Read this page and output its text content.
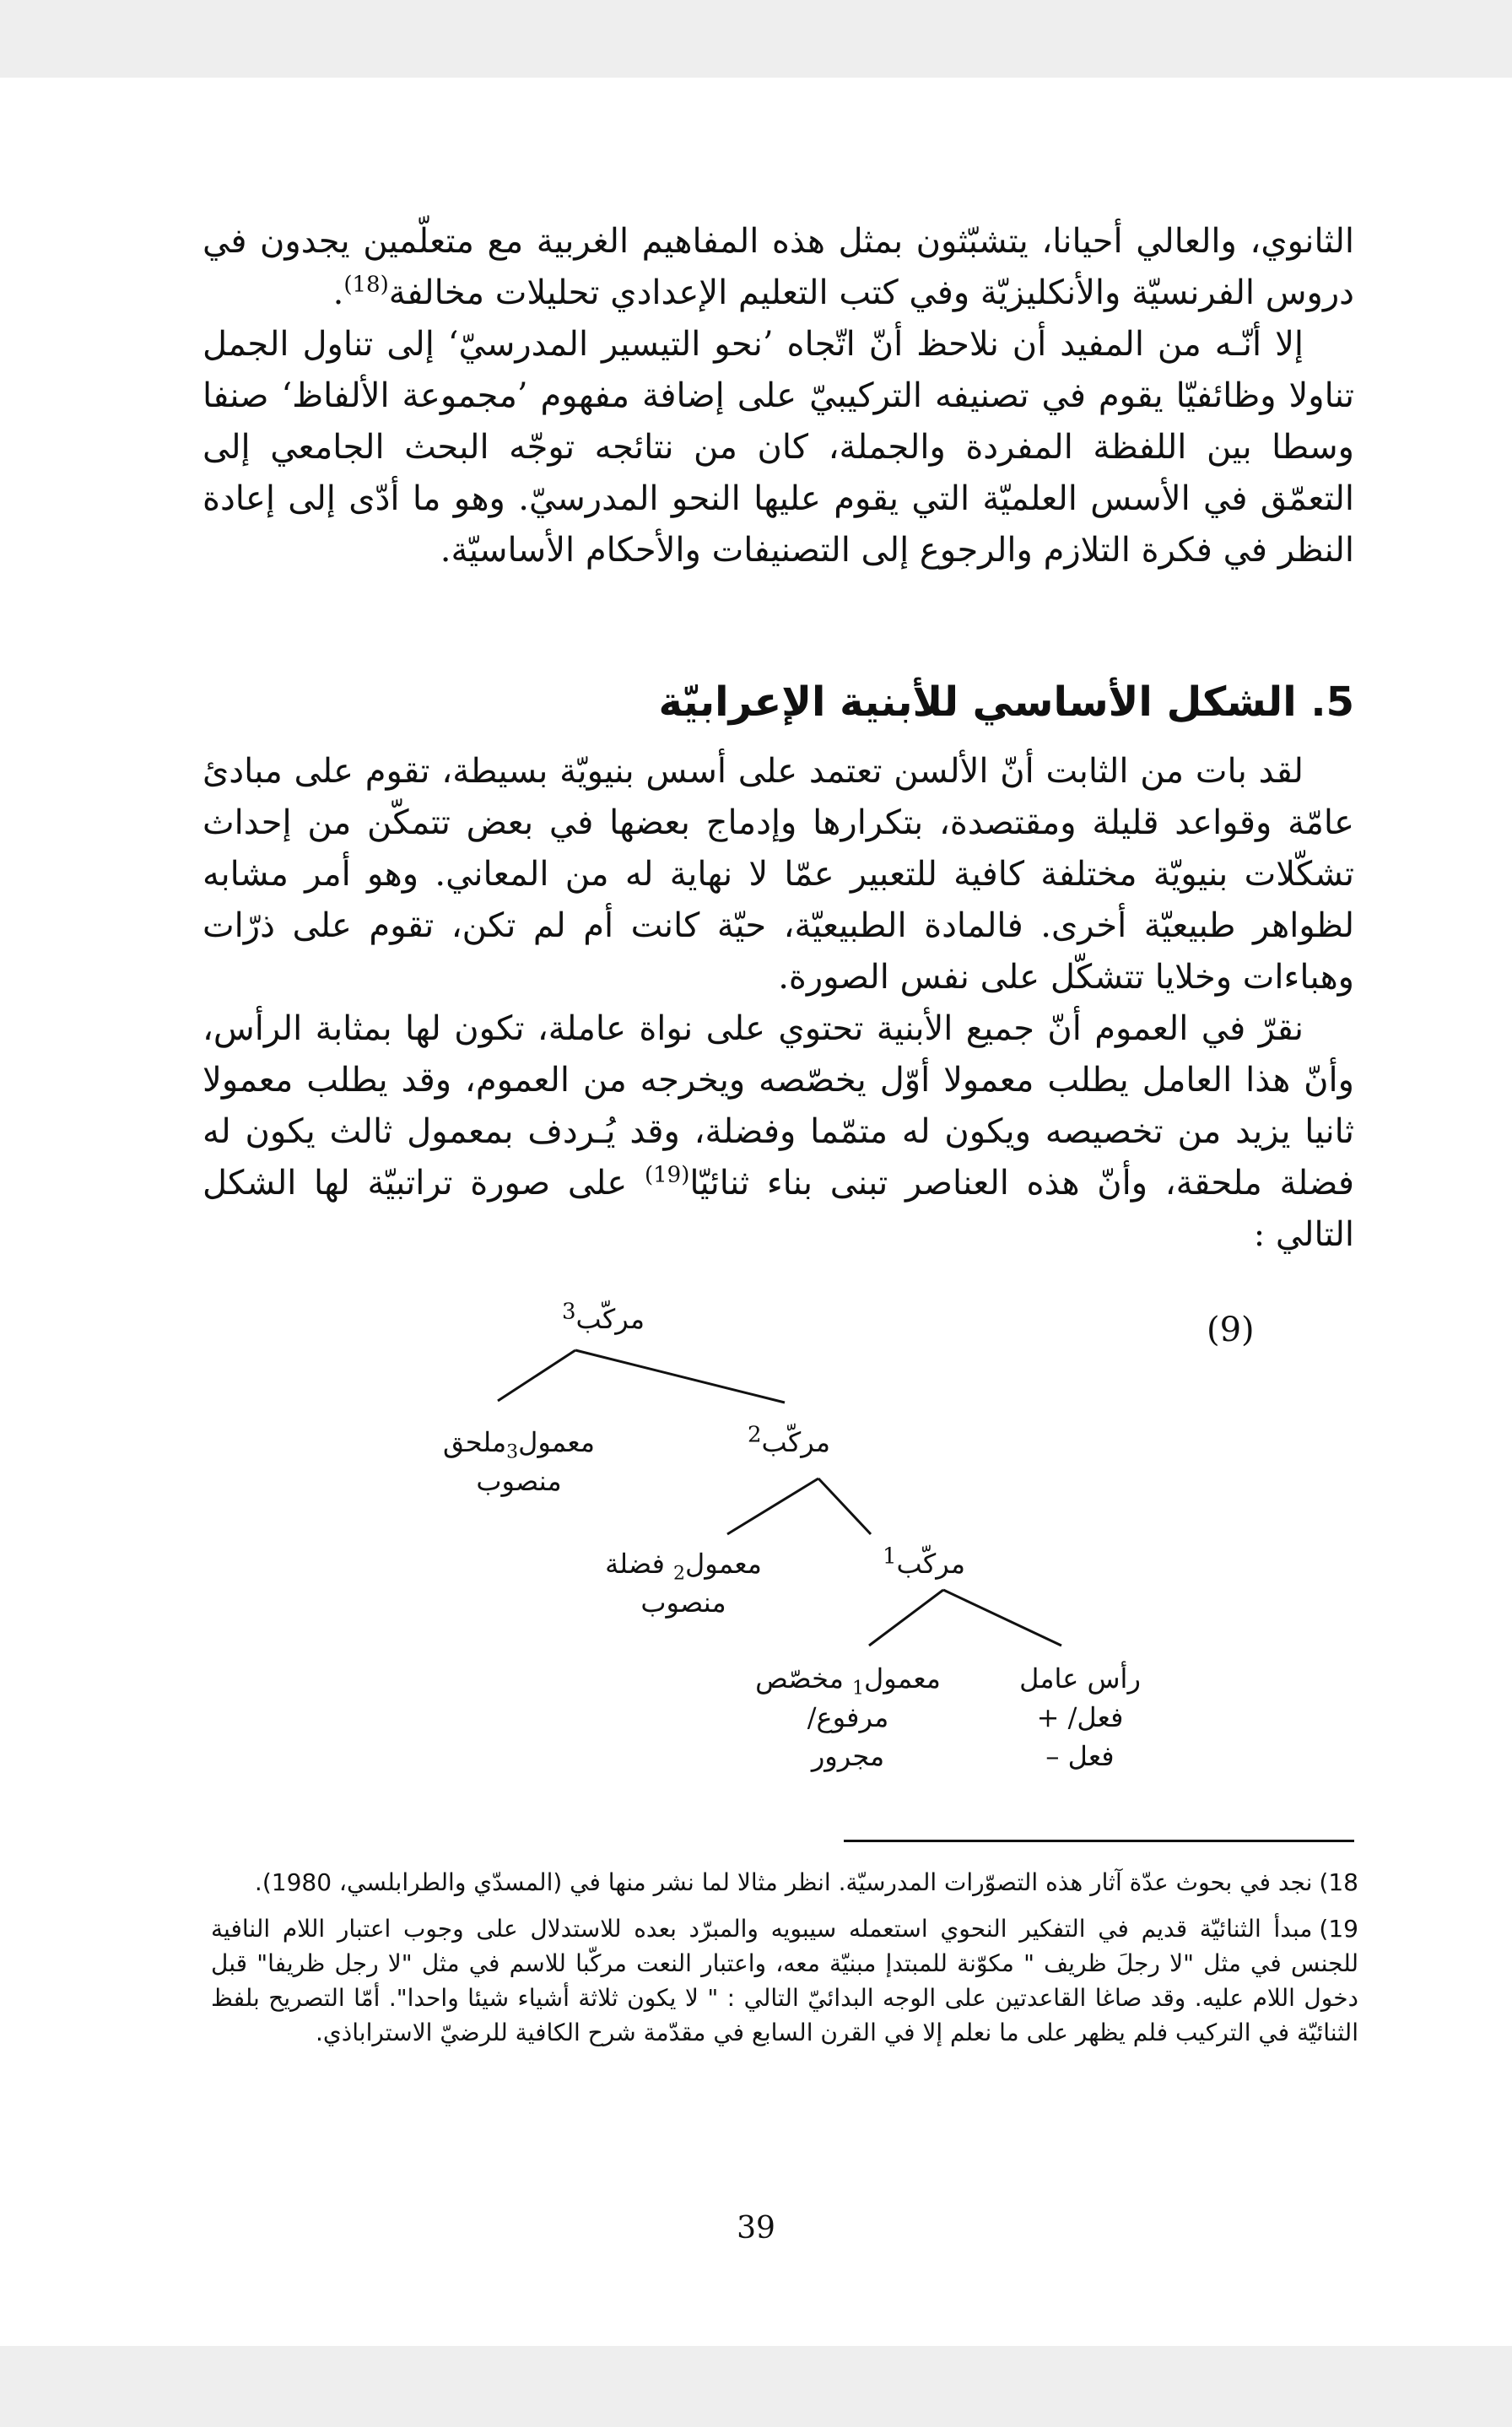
الثانوي، والعالي أحيانا، يتشبّثون بمثل هذه المفاهيم الغربية مع متعلّمين يجدون في دروس الفرنسيّة والأنكليزيّة وفي كتب التعليم الإعدادي تحليلات مخالفة$^{(18)}$.

إلا أنّـه من المفيد أن نلاحظ أنّ اتّجاه ’نحو التيسير المدرسيّ‘ إلى تناول الجمل تناولا وظائفيّا يقوم في تصنيفه التركيبيّ على إضافة مفهوم ’مجموعة الألفاظ‘ صنفا وسطا بين اللفظة المفردة والجملة، كان من نتائجه توجّه البحث الجامعي إلى التعمّق في الأسس العلميّة التي يقوم عليها النحو المدرسيّ. وهو ما أدّى إلى إعادة النظر في فكرة التلازم والرجوع إلى التصنيفات والأحكام الأساسيّة.

5. الشكل الأساسي للأبنية الإعرابيّة

لقد بات من الثابت أنّ الألسن تعتمد على أسس بنيويّة بسيطة، تقوم على مبادئ عامّة وقواعد قليلة ومقتصدة، بتكرارها وإدماج بعضها في بعض تتمكّن من إحداث تشكّلات بنيويّة مختلفة كافية للتعبير عمّا لا نهاية له من المعاني. وهو أمر مشابه لظواهر طبيعيّة أخرى. فالمادة الطبيعيّة، حيّة كانت أم لم تكن، تقوم على ذرّات وهباءات وخلايا تتشكّل على نفس الصورة.

نقرّ في العموم أنّ جميع الأبنية تحتوي على نواة عاملة، تكون لها بمثابة الرأس، وأنّ هذا العامل يطلب معمولا أوّل يخصّصه ويخرجه من العموم، وقد يطلب معمولا ثانيا يزيد من تخصيصه ويكون له متمّما وفضلة، وقد يُـردف بمعمول ثالث يكون له فضلة ملحقة، وأنّ هذه العناصر تبنى بناء ثنائيّا$^{(19)}$ على صورة تراتبيّة لها الشكل التالي :

(9)
مركّب$^3$
معمول$_3$ملحق
منصوب
مركّب$^2$
معمول$_2$ فضلة
منصوب
مركّب$^1$
معمول$_1$ مخصّص
مرفوع/
مجرور
رأس عامل
فعل/ +
فعل –

18)نجد في بحوث عدّة آثار هذه التصوّرات المدرسيّة. انظر مثالا لما نشر منها في (المسدّي والطرابلسي، 1980).

19)مبدأ الثنائيّة قديم في التفكير النحوي استعمله سيبويه والمبرّد بعده للاستدلال على وجوب اعتبار اللام النافية للجنس في مثل "لا رجلَ ظريف " مكوّنة للمبتدإ مبنيّة معه، واعتبار النعت مركّبا للاسم في مثل "لا رجل ظريفا" قبل دخول اللام عليه. وقد صاغا القاعدتين على الوجه البدائيّ التالي : " لا يكون ثلاثة أشياء شيئا واحدا". أمّا التصريح بلفظ الثنائيّة في التركيب فلم يظهر على ما نعلم إلا في القرن السابع في مقدّمة شرح الكافية للرضيّ الاستراباذي.

39
